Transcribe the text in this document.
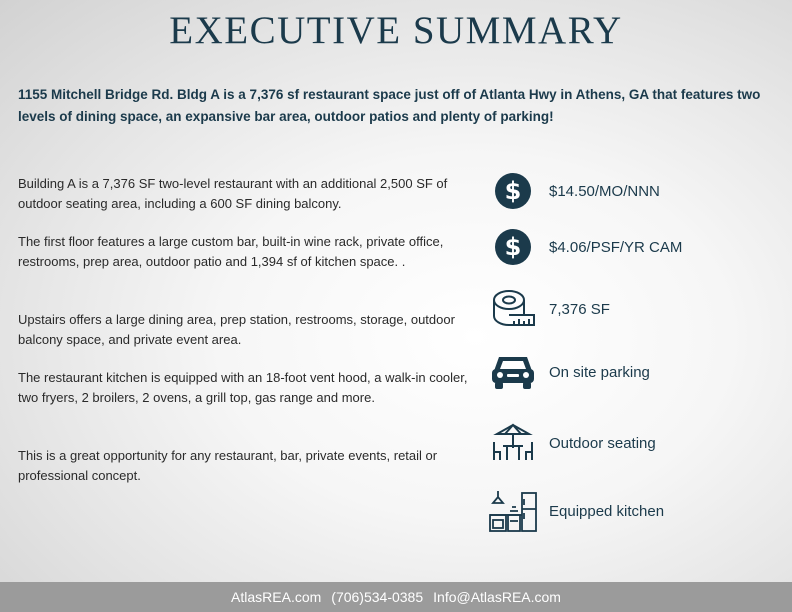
EXECUTIVE SUMMARY
1155 Mitchell Bridge Rd. Bldg A is a 7,376 sf restaurant space just off of Atlanta Hwy in Athens, GA that features two levels of dining space, an expansive bar area, outdoor patios and plenty of parking!

Building A is a 7,376 SF two-level restaurant with an additional 2,500 SF of outdoor seating area, including a 600 SF dining balcony.

The first floor features a large custom bar, built-in wine rack, private office, restrooms, prep area, outdoor patio and 1,394 sf of kitchen space. .

Upstairs offers a large dining area, prep station, restrooms, storage, outdoor balcony space, and private event area.

The restaurant kitchen is equipped with an 18-foot vent hood, a walk-in cooler, two fryers, 2 broilers, 2 ovens, a grill top, gas range and more.

This is a great opportunity for any restaurant, bar, private events, retail or professional concept.

$ $14.50/MO/NNN
$ $4.06/PSF/YR CAM
7,376 SF
On site parking
Outdoor seating
Equipped kitchen
AtlasREA.com (706)534-0385 Info@AtlasREA.com
